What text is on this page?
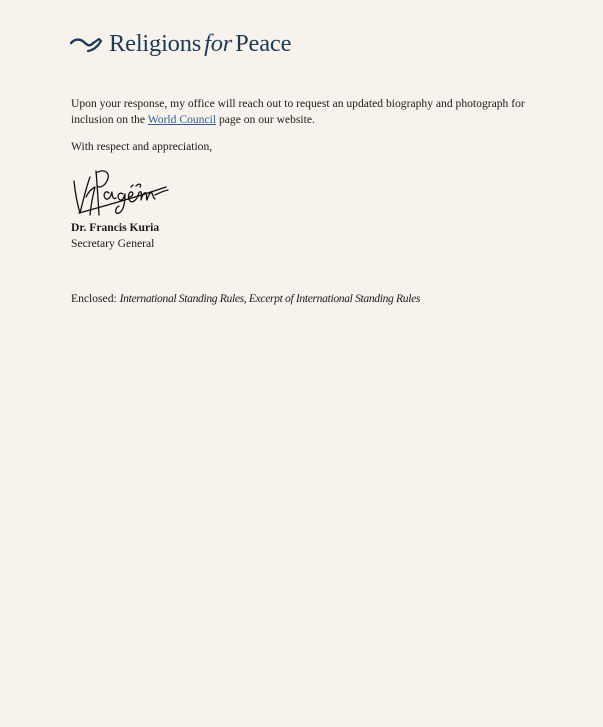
Religions for Peace

Upon your response, my office will reach out to request an updated biography and photograph for inclusion on the World Council page on our website.

With respect and appreciation,

Dr. Francis Kuria

Secretary General

Enclosed: International Standing Rules, Excerpt of International Standing Rules
